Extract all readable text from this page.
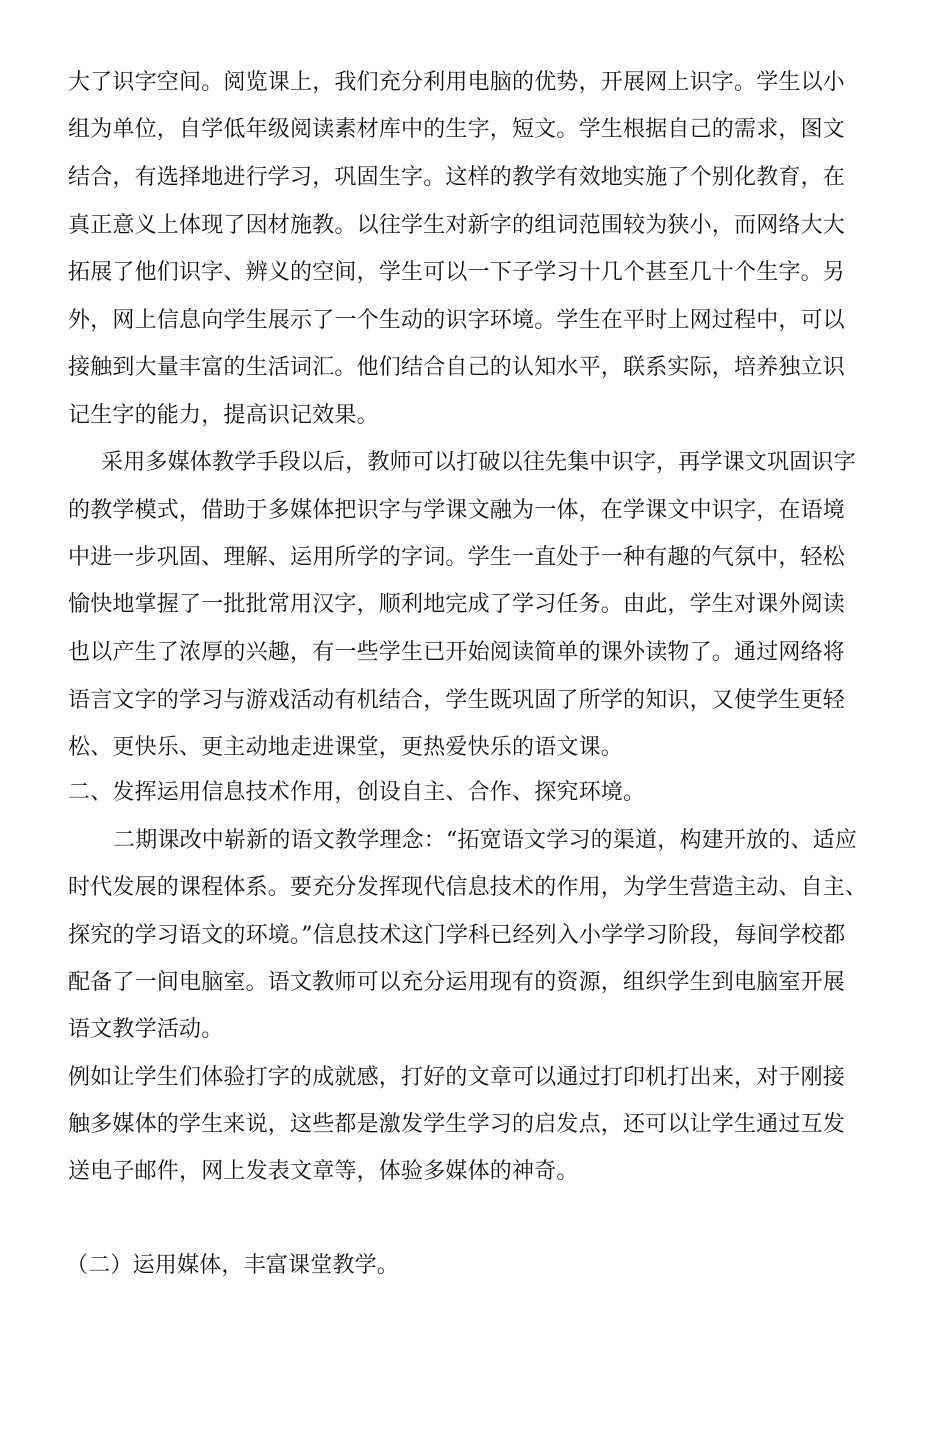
大了识字空间。阅览课上，我们充分利用电脑的优势，开展网上识字。学生以小
组为单位，自学低年级阅读素材库中的生字，短文。学生根据自己的需求，图文
结合，有选择地进行学习，巩固生字。这样的教学有效地实施了个别化教育，在
真正意义上体现了因材施教。以往学生对新字的组词范围较为狭小，而网络大大
拓展了他们识字、辨义的空间，学生可以一下子学习十几个甚至几十个生字。另
外，网上信息向学生展示了一个生动的识字环境。学生在平时上网过程中，可以
接触到大量丰富的生活词汇。他们结合自己的认知水平，联系实际，培养独立识
记生字的能力，提高识记效果。
采用多媒体教学手段以后，教师可以打破以往先集中识字，再学课文巩固识字
的教学模式，借助于多媒体把识字与学课文融为一体，在学课文中识字，在语境
中进一步巩固、理解、运用所学的字词。学生一直处于一种有趣的气氛中，轻松
愉快地掌握了一批批常用汉字，顺利地完成了学习任务。由此，学生对课外阅读
也以产生了浓厚的兴趣，有一些学生已开始阅读简单的课外读物了。通过网络将
语言文字的学习与游戏活动有机结合，学生既巩固了所学的知识，又使学生更轻
松、更快乐、更主动地走进课堂，更热爱快乐的语文课。
二、发挥运用信息技术作用，创设自主、合作、探究环境。
二期课改中崭新的语文教学理念：“拓宽语文学习的渠道，构建开放的、适应
时代发展的课程体系。要充分发挥现代信息技术的作用，为学生营造主动、自主、
探究的学习语文的环境。”信息技术这门学科已经列入小学学习阶段，每间学校都
配备了一间电脑室。语文教师可以充分运用现有的资源，组织学生到电脑室开展
语文教学活动。
例如让学生们体验打字的成就感，打好的文章可以通过打印机打出来，对于刚接
触多媒体的学生来说，这些都是激发学生学习的启发点，还可以让学生通过互发
送电子邮件，网上发表文章等，体验多媒体的神奇。
（二）运用媒体，丰富课堂教学。
